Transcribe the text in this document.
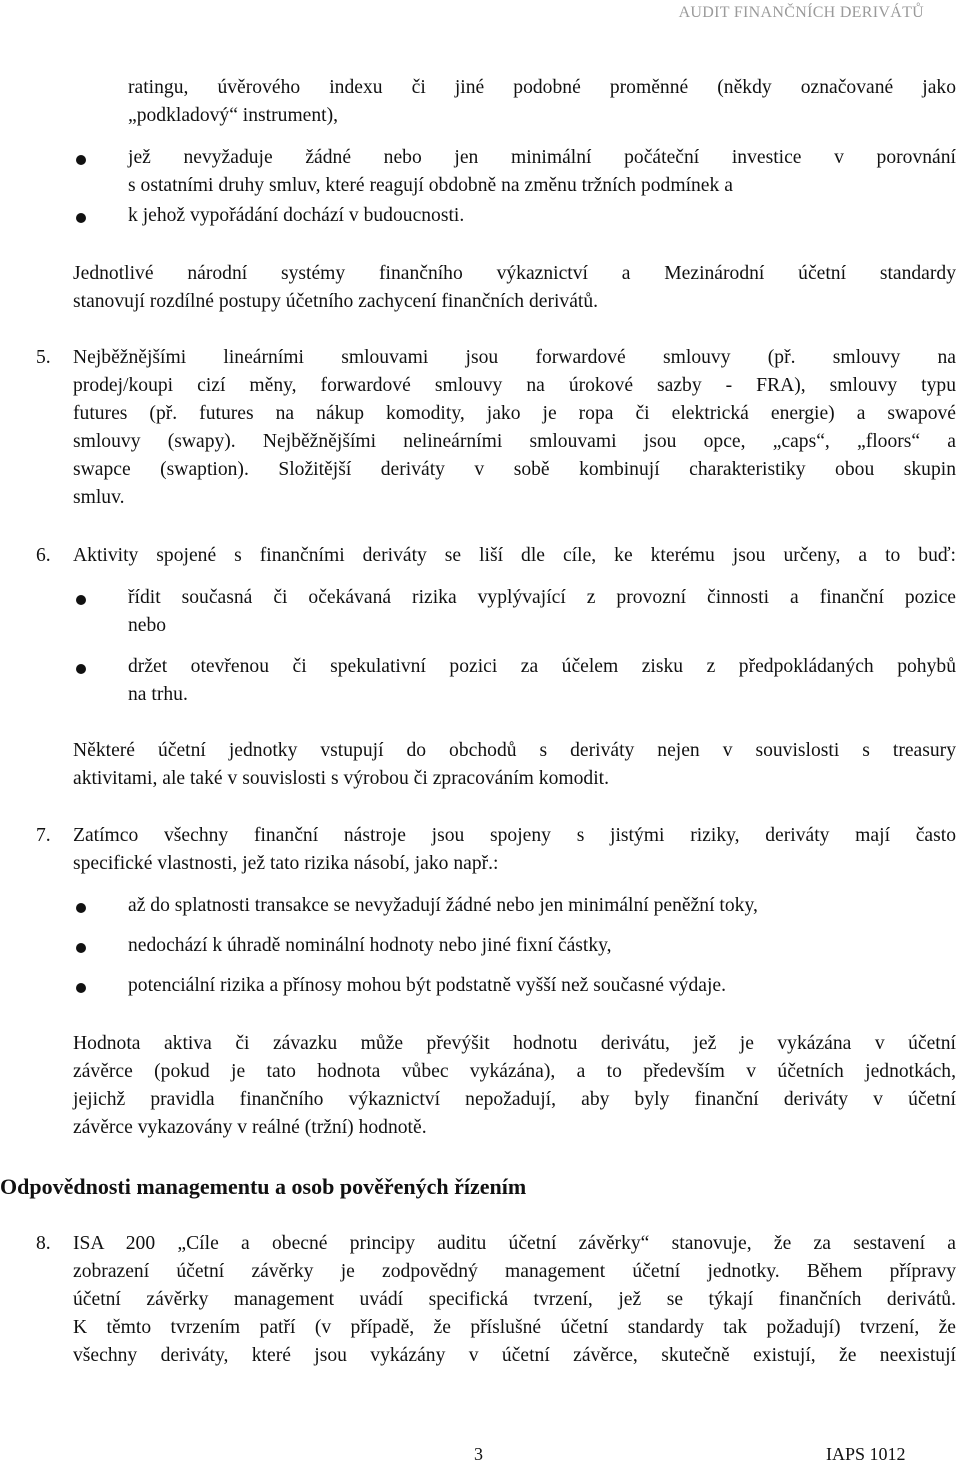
AUDIT FINANČNÍCH DERIVÁTŮ

ratingu, úvěrového indexu či jiné podobné proměnné (někdy označované jako

„podkladový“ instrument),

jež nevyžaduje žádné nebo jen minimální počáteční investice v porovnání

s ostatními druhy smluv, které reagují obdobně na změnu tržních podmínek a

k jehož vypořádání dochází v budoucnosti.

Jednotlivé národní systémy finančního výkaznictví a Mezinárodní účetní standardy

stanovují rozdílné postupy účetního zachycení finančních derivátů.

5. Nejběžnějšími lineárními smlouvami jsou forwardové smlouvy (př. smlouvy na

prodej/koupi cizí měny, forwardové smlouvy na úrokové sazby - FRA), smlouvy typu

futures (př. futures na nákup komodity, jako je ropa či elektrická energie) a swapové

smlouvy (swapy). Nejběžnějšími nelineárními smlouvami jsou opce, „caps“, „floors“ a

swapce (swaption). Složitější deriváty v sobě kombinují charakteristiky obou skupin

smluv.

6. Aktivity spojené s finančními deriváty se liší dle cíle, ke kterému jsou určeny, a to buď:

řídit současná či očekávaná rizika vyplývající z provozní činnosti a finanční pozice

nebo

držet otevřenou či spekulativní pozici za účelem zisku z předpokládaných pohybů

na trhu.

Některé účetní jednotky vstupují do obchodů s deriváty nejen v souvislosti s treasury

aktivitami, ale také v souvislosti s výrobou či zpracováním komodit.

7. Zatímco všechny finanční nástroje jsou spojeny s jistými riziky, deriváty mají často

specifické vlastnosti, jež tato rizika násobí, jako např.:

až do splatnosti transakce se nevyžadují žádné nebo jen minimální peněžní toky,

nedochází k úhradě nominální hodnoty nebo jiné fixní částky,

potenciální rizika a přínosy mohou být podstatně vyšší než současné výdaje.

Hodnota aktiva či závazku může převýšit hodnotu derivátu, jež je vykázána v účetní

závěrce (pokud je tato hodnota vůbec vykázána), a to především v účetních jednotkách,

jejichž pravidla finančního výkaznictví nepožadují, aby byly finanční deriváty v účetní

závěrce vykazovány v reálné (tržní) hodnotě.

Odpovědnosti managementu a osob pověřených řízením
8. ISA 200 „Cíle a obecné principy auditu účetní závěrky“ stanovuje, že za sestavení a

zobrazení účetní závěrky je zodpovědný management účetní jednotky. Během přípravy

účetní závěrky management uvádí specifická tvrzení, jež se týkají finančních derivátů.

K těmto tvrzením patří (v případě, že příslušné účetní standardy tak požadují) tvrzení, že

všechny deriváty, které jsou vykázány v účetní závěrce, skutečně existují, že neexistují

3	IAPS 1012
